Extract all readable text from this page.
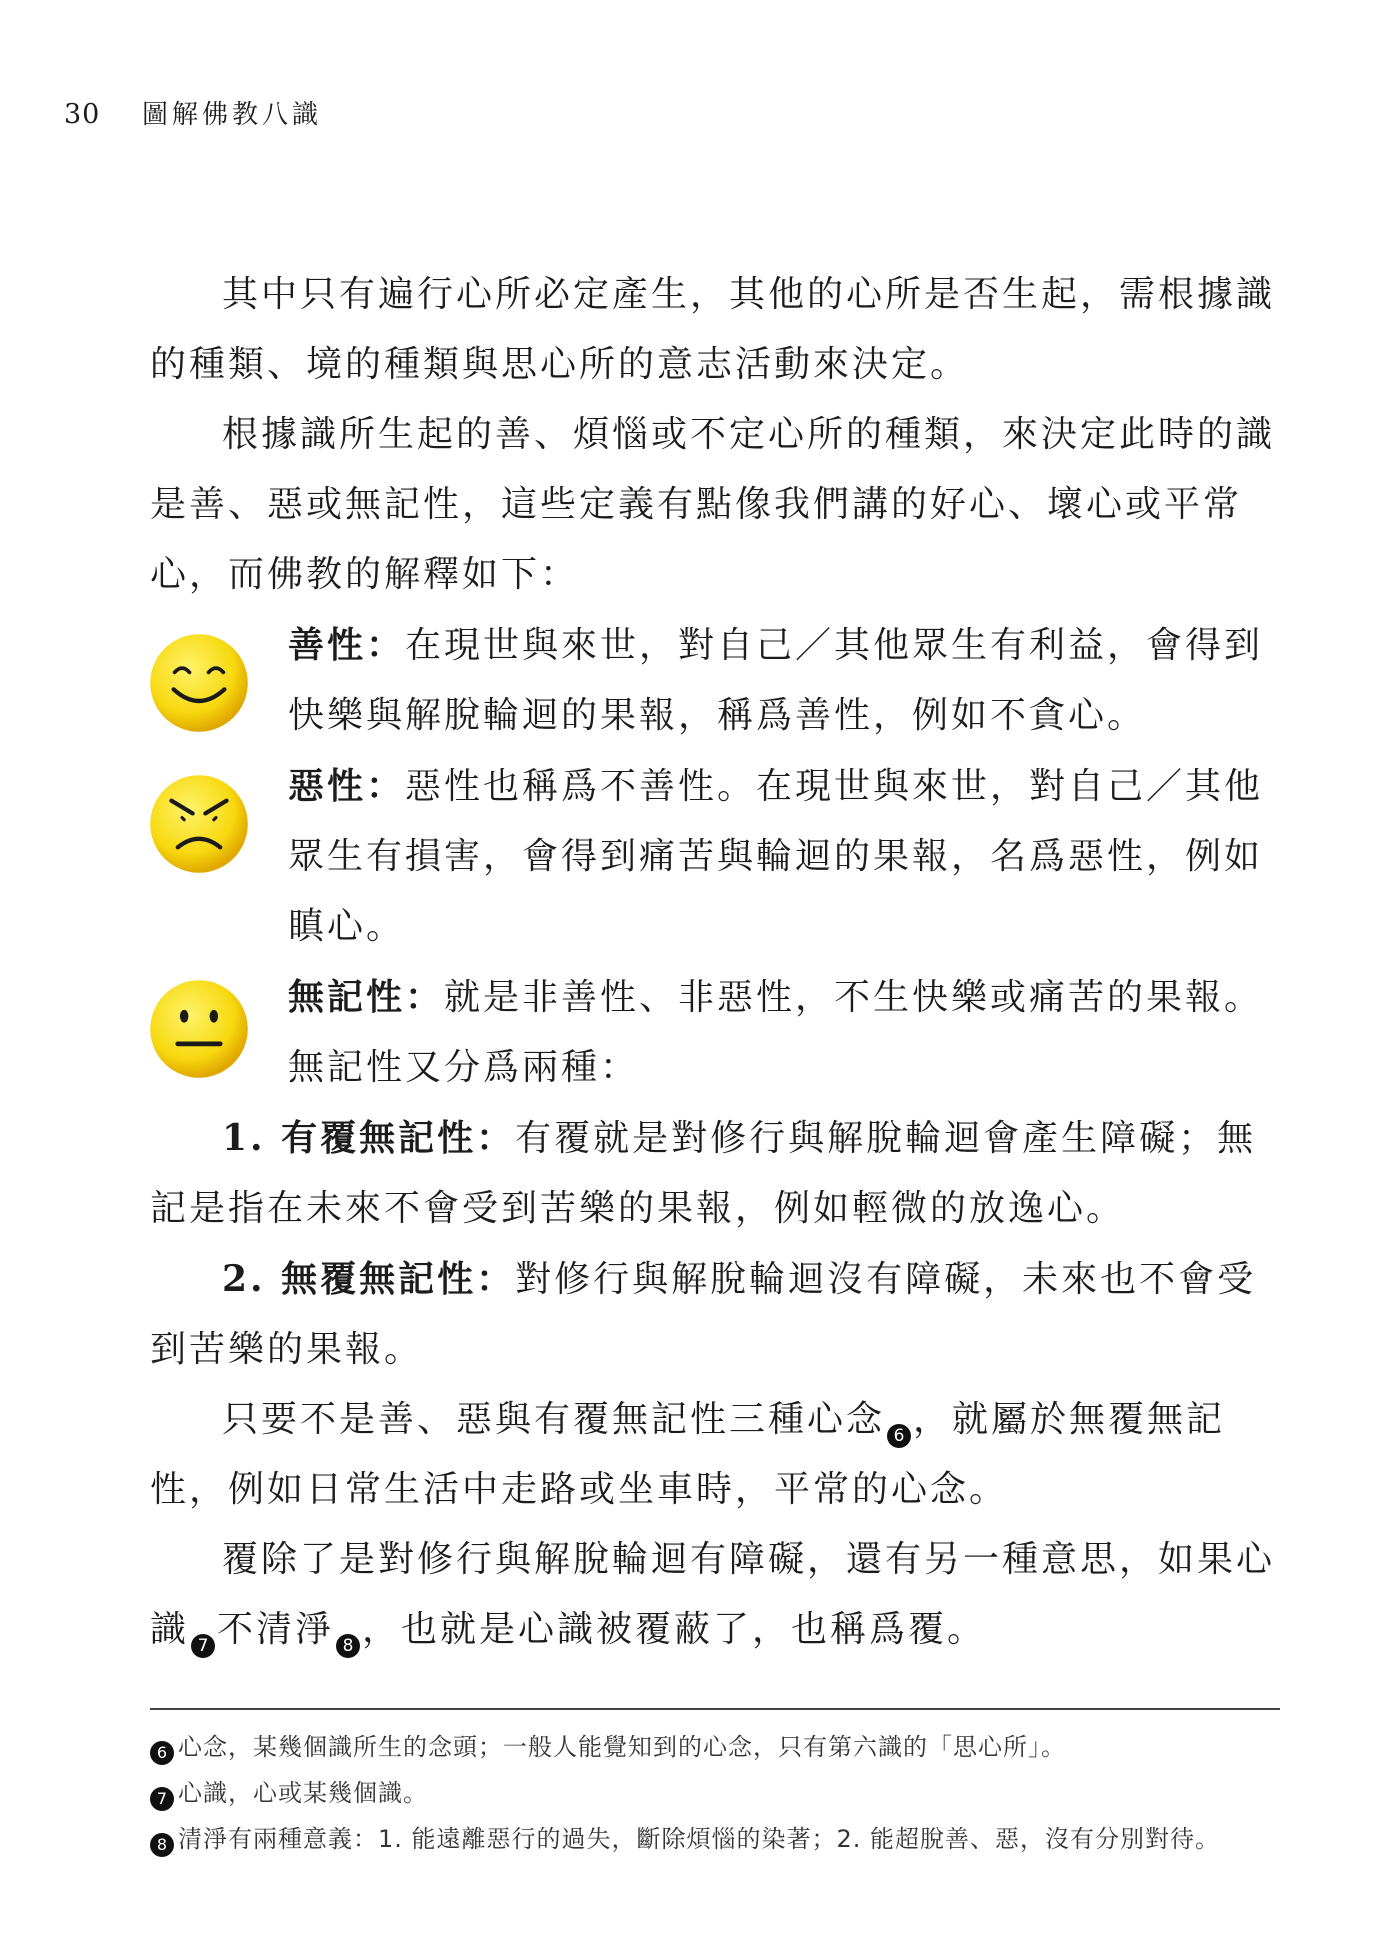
30 圖解佛教八識

其中只有遍行心所必定產生，其他的心所是否生起，需根據識的種類、境的種類與思心所的意志活動來決定。

根據識所生起的善、煩惱或不定心所的種類，來決定此時的識是善、惡或無記性，這些定義有點像我們講的好心、壞心或平常心，而佛教的解釋如下：

善性：在現世與來世，對自己／其他眾生有利益，會得到快樂與解脫輪迴的果報，稱爲善性，例如不貪心。

惡性：惡性也稱爲不善性。在現世與來世，對自己／其他眾生有損害，會得到痛苦與輪迴的果報，名爲惡性，例如瞋心。

無記性：就是非善性、非惡性，不生快樂或痛苦的果報。

無記性又分爲兩種：

1. 有覆無記性：有覆就是對修行與解脫輪迴會產生障礙；無記是指在未來不會受到苦樂的果報，例如輕微的放逸心。

2. 無覆無記性：對修行與解脫輪迴沒有障礙，未來也不會受到苦樂的果報。

只要不是善、惡與有覆無記性三種心念 6 ，就屬於無覆無記性，例如日常生活中走路或坐車時，平常的心念。

覆除了是對修行與解脫輪迴有障礙，還有另一種意思，如果心識 7 不清淨 8 ，也就是心識被覆蔽了，也稱爲覆。

6 心念，某幾個識所生的念頭；一般人能覺知到的心念，只有第六識的「思心所」。
7 心識，心或某幾個識。
8 清淨有兩種意義：1. 能遠離惡行的過失，斷除煩惱的染著；2. 能超脫善、惡，沒有分別對待。
